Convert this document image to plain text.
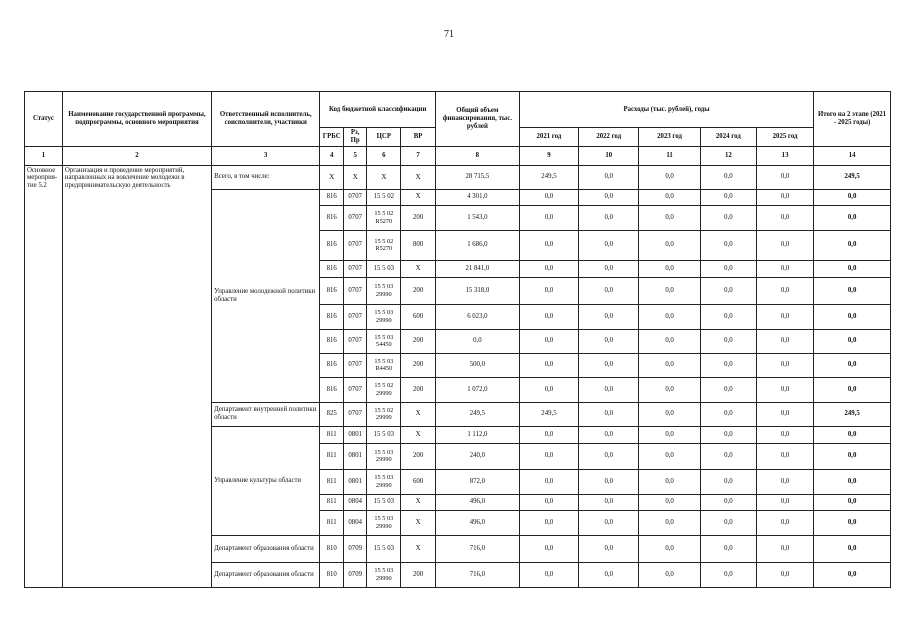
71
Статус	Наименование государственной программы, подпрограммы, основного мероприятия	Ответственный исполнитель, соисполнители, участники	Код бюджетной классификации				Общий объем финансирования, тыс. рублей	Расходы (тыс. рублей), годы					Итого на 2 этапе (2021 - 2025 годы)
			ГРБС	Рз, Пр	ЦСР	ВР		2021 год	2022 год	2023 год	2024 год	2025 год	
1	2	3	4	5	6	7	8	9	10	11	12	13	14
Основное мероприя-тие 5.2	Организация и проведение мероприятий, направленных на вовлечение молодежи в предпринимательскую деятельность	Всего, в том числе:	X	X	X	X	28 715,5	249,5	0,0	0,0	0,0	0,0	249,5
		Управление молодежной политики области	816	0707	15 5 02	X	4 301,0	0,0	0,0	0,0	0,0	0,0	0,0
			816	0707	15 5 02 R5270	200	1 543,0	0,0	0,0	0,0	0,0	0,0	0,0
			816	0707	15 5 02 R5270	800	1 686,0	0,0	0,0	0,0	0,0	0,0	0,0
			816	0707	15 5 03	X	21 841,0	0,0	0,0	0,0	0,0	0,0	0,0
			816	0707	15 5 03 29990	200	15 318,0	0,0	0,0	0,0	0,0	0,0	0,0
			816	0707	15 5 03 29990	600	6 023,0	0,0	0,0	0,0	0,0	0,0	0,0
			816	0707	15 5 03 54450	200	0,0	0,0	0,0	0,0	0,0	0,0	0,0
			816	0707	15 5 03 R4450	200	500,0	0,0	0,0	0,0	0,0	0,0	0,0
			816	0707	15 5 02 29990	200	1 072,0	0,0	0,0	0,0	0,0	0,0	0,0
		Департамент внутренней политики области	825	0707	15 5 02 29990	X	249,5	249,5	0,0	0,0	0,0	0,0	249,5
		Управление культуры области	811	0801	15 5 03	X	1 112,0	0,0	0,0	0,0	0,0	0,0	0,0
			811	0801	15 5 03 29990	200	240,0	0,0	0,0	0,0	0,0	0,0	0,0
			811	0801	15 5 03 29990	600	872,0	0,0	0,0	0,0	0,0	0,0	0,0
			811	0804	15 5 03	X	496,0	0,0	0,0	0,0	0,0	0,0	0,0
			811	0804	15 5 03 29990	X	496,0	0,0	0,0	0,0	0,0	0,0	0,0
		Департамент образования области	810	0709	15 5 03	X	716,0	0,0	0,0	0,0	0,0	0,0	0,0
		Департамент образования области	810	0709	15 5 03 29990	200	716,0	0,0	0,0	0,0	0,0	0,0	0,0
